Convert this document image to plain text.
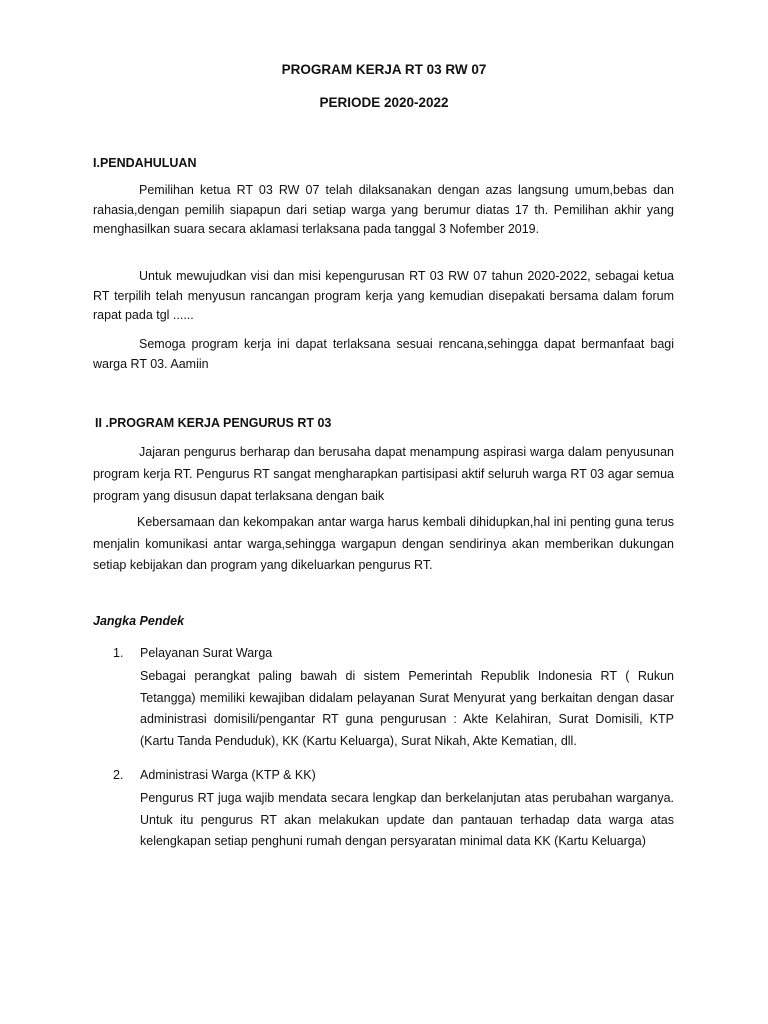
PROGRAM KERJA RT 03 RW 07
PERIODE 2020-2022
I.PENDAHULUAN

Pemilihan ketua RT 03 RW 07 telah dilaksanakan dengan azas langsung umum,bebas dan rahasia,dengan pemilih siapapun dari setiap warga yang berumur diatas 17 th. Pemilihan akhir yang menghasilkan suara secara aklamasi terlaksana pada tanggal 3 Nofember 2019.

Untuk mewujudkan visi dan misi kepengurusan RT 03 RW 07 tahun 2020-2022, sebagai ketua RT terpilih telah menyusun rancangan program kerja yang kemudian disepakati bersama dalam forum rapat pada tgl ......

Semoga program kerja ini dapat terlaksana sesuai rencana,sehingga dapat bermanfaat bagi warga RT 03. Aamiin

II .PROGRAM KERJA PENGURUS RT 03

Jajaran pengurus berharap dan berusaha dapat menampung aspirasi warga dalam penyusunan program kerja RT. Pengurus RT sangat mengharapkan partisipasi aktif seluruh warga RT 03 agar semua program yang disusun dapat terlaksana dengan baik

Kebersamaan dan kekompakan antar warga harus kembali dihidupkan,hal ini penting guna terus menjalin komunikasi antar warga,sehingga wargapun dengan sendirinya akan memberikan dukungan setiap kebijakan dan program yang dikeluarkan pengurus RT.

Jangka Pendek
1. Pelayanan Surat Warga

Sebagai perangkat paling bawah di sistem Pemerintah Republik Indonesia RT ( Rukun Tetangga) memiliki kewajiban didalam pelayanan Surat Menyurat yang berkaitan dengan dasar administrasi domisili/pengantar RT guna pengurusan : Akte Kelahiran, Surat Domisili, KTP (Kartu Tanda Penduduk), KK (Kartu Keluarga), Surat Nikah, Akte Kematian, dll.

2. Administrasi Warga (KTP & KK)

Pengurus RT juga wajib mendata secara lengkap dan berkelanjutan atas perubahan warganya. Untuk itu pengurus RT akan melakukan update dan pantauan terhadap data warga atas kelengkapan setiap penghuni rumah dengan persyaratan minimal data KK (Kartu Keluarga)
